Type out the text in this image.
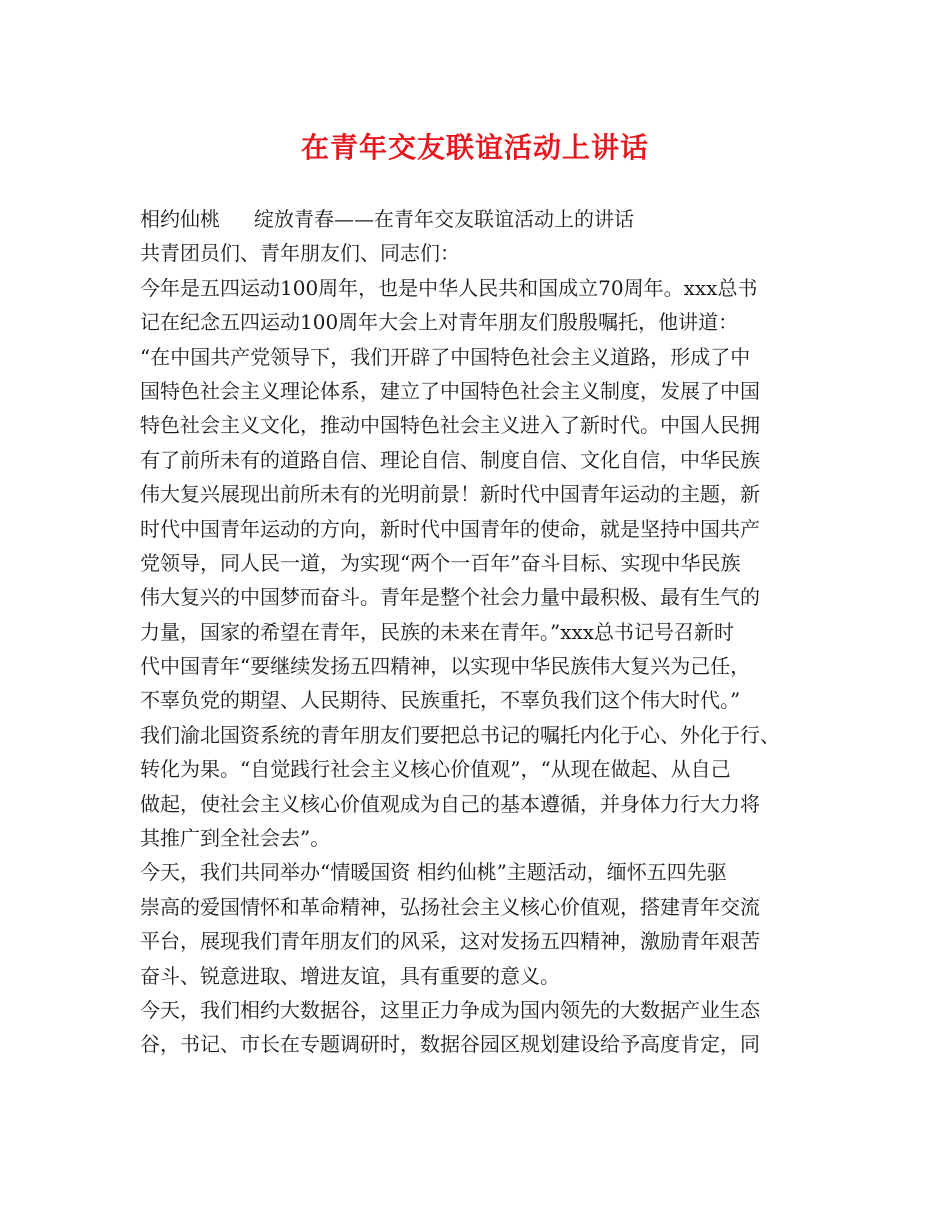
在青年交友联谊活动上讲话
相约仙桃 绽放青春——在青年交友联谊活动上的讲话
共青团员们、青年朋友们、同志们：
今年是五四运动100周年，也是中华人民共和国成立70周年。xxx总书
记在纪念五四运动100周年大会上对青年朋友们殷殷嘱托，他讲道：
“在中国共产党领导下，我们开辟了中国特色社会主义道路，形成了中
国特色社会主义理论体系，建立了中国特色社会主义制度，发展了中国
特色社会主义文化，推动中国特色社会主义进入了新时代。中国人民拥
有了前所未有的道路自信、理论自信、制度自信、文化自信，中华民族
伟大复兴展现出前所未有的光明前景！新时代中国青年运动的主题，新
时代中国青年运动的方向，新时代中国青年的使命，就是坚持中国共产
党领导，同人民一道，为实现“两个一百年”奋斗目标、实现中华民族
伟大复兴的中国梦而奋斗。青年是整个社会力量中最积极、最有生气的
力量，国家的希望在青年，民族的未来在青年。”xxx总书记号召新时
代中国青年“要继续发扬五四精神，以实现中华民族伟大复兴为己任，
不辜负党的期望、人民期待、民族重托，不辜负我们这个伟大时代。”
我们渝北国资系统的青年朋友们要把总书记的嘱托内化于心、外化于行、
转化为果。“自觉践行社会主义核心价值观”，“从现在做起、从自己
做起，使社会主义核心价值观成为自己的基本遵循，并身体力行大力将
其推广到全社会去”。
今天，我们共同举办“情暖国资 相约仙桃”主题活动，缅怀五四先驱
崇高的爱国情怀和革命精神，弘扬社会主义核心价值观，搭建青年交流
平台，展现我们青年朋友们的风采，这对发扬五四精神，激励青年艰苦
奋斗、锐意进取、增进友谊，具有重要的意义。
今天，我们相约大数据谷，这里正力争成为国内领先的大数据产业生态
谷，书记、市长在专题调研时，数据谷园区规划建设给予高度肯定，同
